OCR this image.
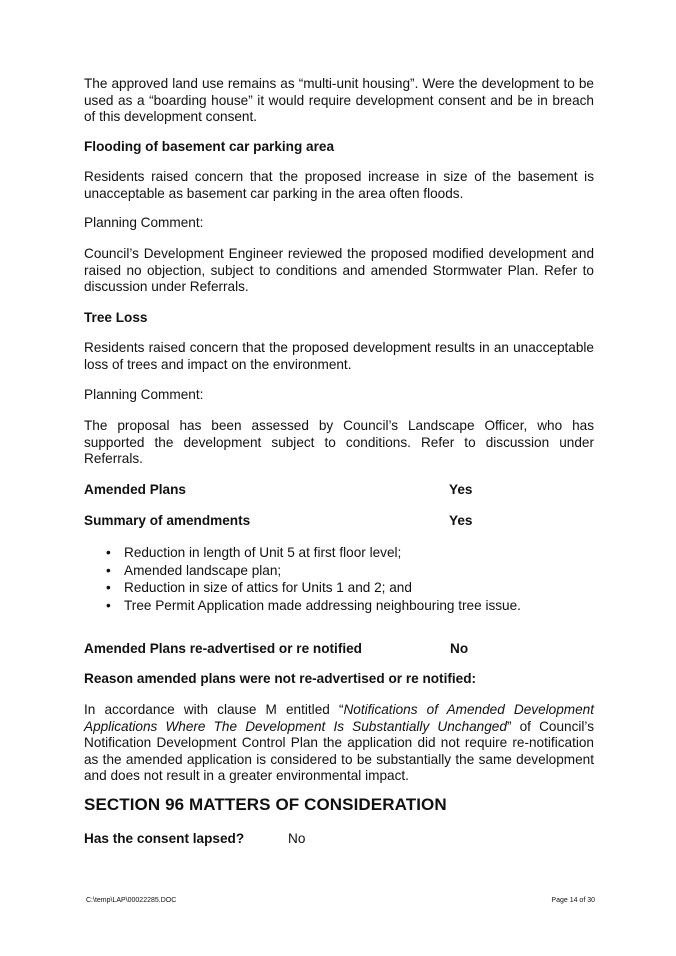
The approved land use remains as “multi-unit housing”. Were the development to be used as a “boarding house” it would require development consent and be in breach of this development consent.

Flooding of basement car parking area

Residents raised concern that the proposed increase in size of the basement is unacceptable as basement car parking in the area often floods.

Planning Comment:

Council’s Development Engineer reviewed the proposed modified development and raised no objection, subject to conditions and amended Stormwater Plan. Refer to discussion under Referrals.

Tree Loss

Residents raised concern that the proposed development results in an unacceptable loss of trees and impact on the environment.

Planning Comment:

The proposal has been assessed by Council’s Landscape Officer, who has supported the development subject to conditions. Refer to discussion under Referrals.

Amended Plans	Yes
Summary of amendments	Yes
• Reduction in length of Unit 5 at first floor level;
• Amended landscape plan;
• Reduction in size of attics for Units 1 and 2; and
• Tree Permit Application made addressing neighbouring tree issue.
Amended Plans re-advertised or re notified	No

Reason amended plans were not re-advertised or re notified:

In accordance with clause M entitled “Notifications of Amended Development Applications Where The Development Is Substantially Unchanged” of Council’s Notification Development Control Plan the application did not require re-notification as the amended application is considered to be substantially the same development and does not result in a greater environmental impact.

SECTION 96 MATTERS OF CONSIDERATION
Has the consent lapsed?	No
C:\temp\LAP\00022285.DOC	Page 14 of 30
